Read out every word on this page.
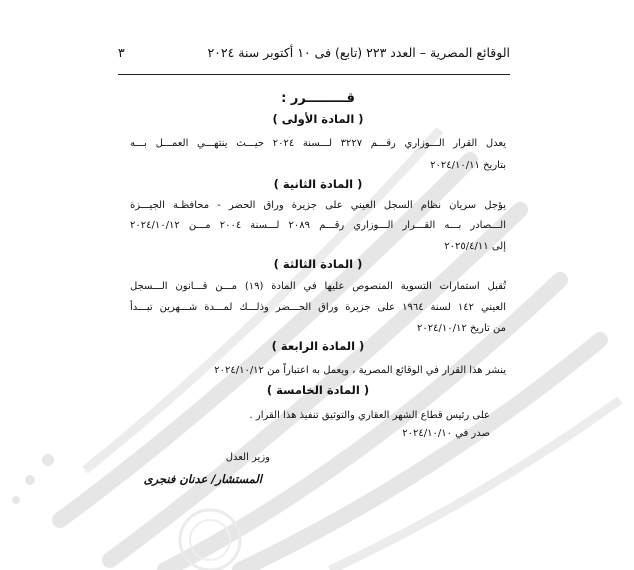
الوقائع المصرية – العدد ٢٢٣ (تابع) فى ١٠ أكتوبر سنة ٢٠٢٤
٣
قـــــــــرر :
( المادة الأولى )
يعدل القرار الـــوزاري رقـــم ٣٢٢٧ لـــسنة ٢٠٢٤ حيـــث ينتهـــي العمـــل بـــه
بتاريخ ٢٠٢٤/١٠/١١
( المادة الثانية )
يؤجل سريان نظام السجل العيني على جزيرة وراق الحضر - محافظـة الجيـــزة
الـــصادر بـــه القـــرار الـــوزاري رقـــم ٢٠٨٩ لـــسنة ٢٠٠٤ مـــن ٢٠٢٤/١٠/١٢
إلى ٢٠٢٥/٤/١١
( المادة الثالثة )
تُقبل استمارات التسوية المنصوص عليها في المادة (١٩) مـــن قـــانون الـــسجل
العيني ١٤٢ لسنة ١٩٦٤ على جزيرة وراق الحـــضر وذلـــك لمـــدة شـــهرين تبـــدأ
من تاريخ ٢٠٢٤/١٠/١٢
( المادة الرابعة )
ينشر هذا القرار في الوقائع المصرية ، ويعمل به اعتباراً من ٢٠٢٤/١٠/١٢
( المادة الخامسة )
على رئيس قطاع الشهر العقاري والتوثيق تنفيذ هذا القرار .
صدر في ٢٠٢٤/١٠/١٠
وزير العدل
المستشار/ عدنان فنجرى
